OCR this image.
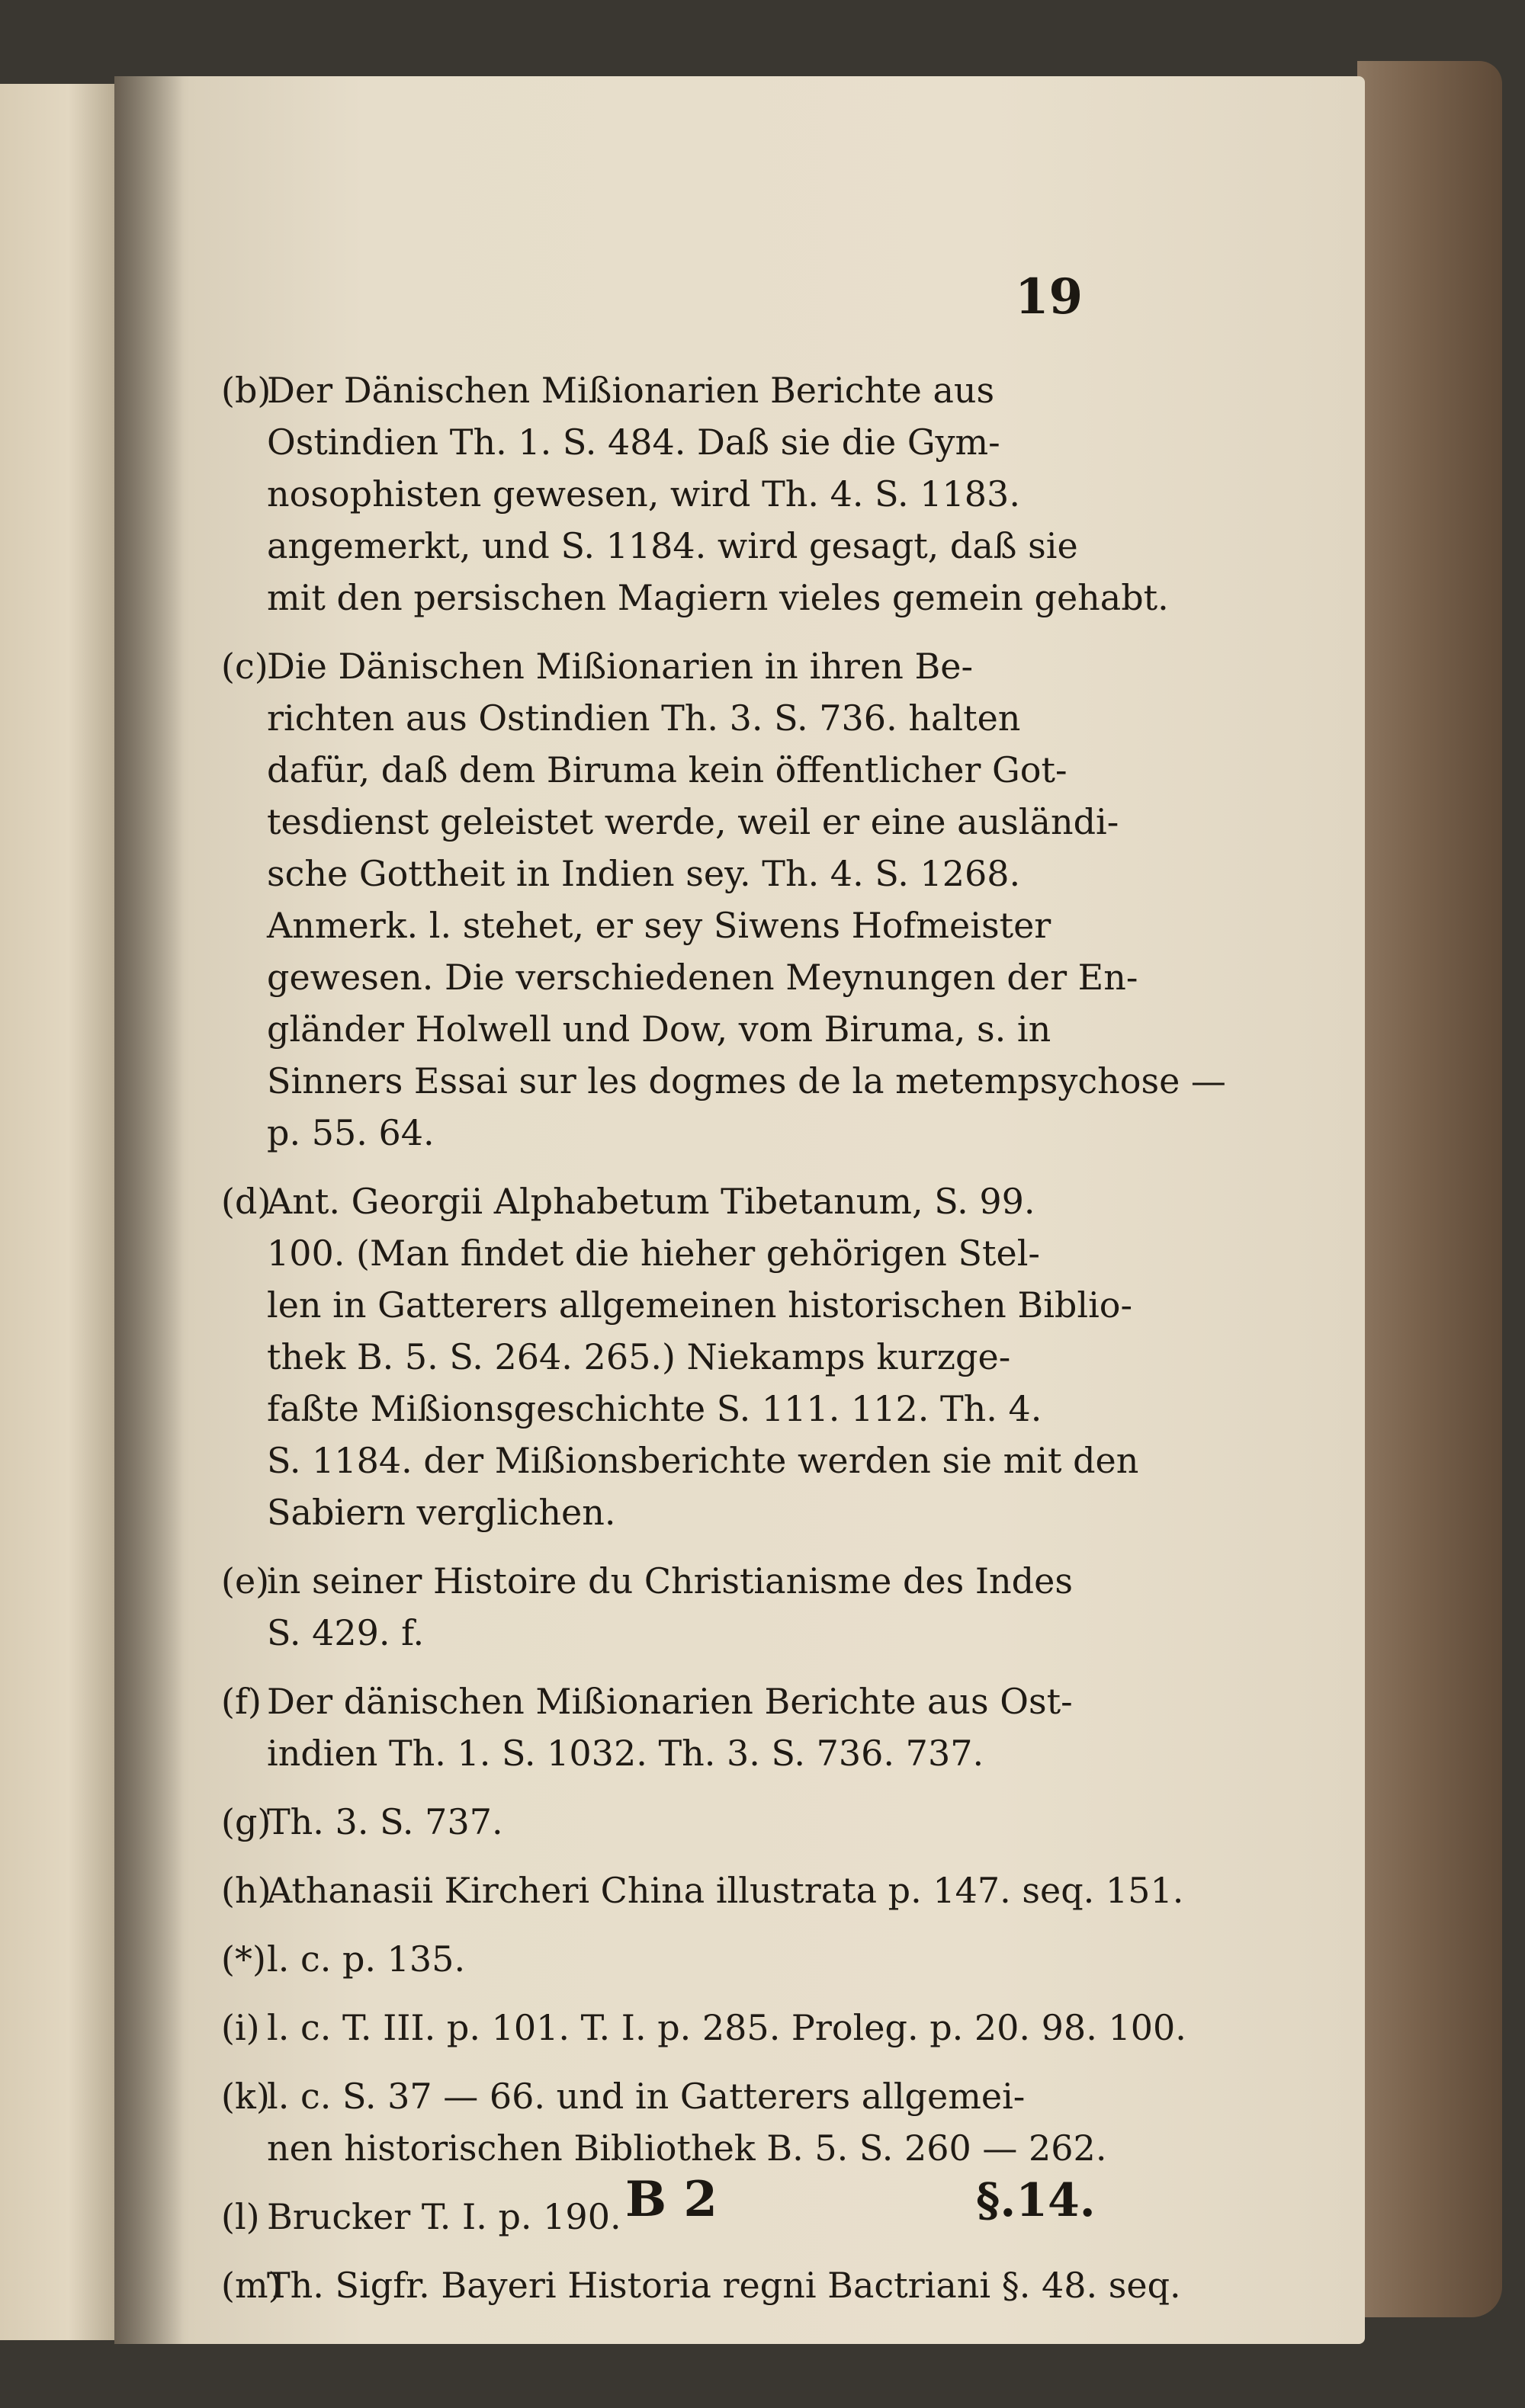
19
(b)
Der Dänischen Mißionarien Berichte aus
Ostindien Th. 1. S. 484. Daß sie die Gym-
nosophisten gewesen, wird Th. 4. S. 1183.
angemerkt, und S. 1184. wird gesagt, daß sie
mit den persischen Magiern vieles gemein gehabt.
(c)
Die Dänischen Mißionarien in ihren Be-
richten aus Ostindien Th. 3. S. 736. halten
dafür, daß dem Biruma kein öffentlicher Got-
tesdienst geleistet werde, weil er eine ausländi-
sche Gottheit in Indien sey. Th. 4. S. 1268.
Anmerk. l. stehet, er sey Siwens Hofmeister
gewesen. Die verschiedenen Meynungen der En-
gländer Holwell und Dow, vom Biruma, s. in
Sinners Essai sur les dogmes de la metempsychose —
p. 55. 64.
(d)
Ant. Georgii Alphabetum Tibetanum, S. 99.
100. (Man findet die hieher gehörigen Stel-
len in Gatterers allgemeinen historischen Biblio-
thek B. 5. S. 264. 265.) Niekamps kurzge-
faßte Mißionsgeschichte S. 111. 112. Th. 4.
S. 1184. der Mißionsberichte werden sie mit den
Sabiern verglichen.
(e)
in seiner Histoire du Christianisme des Indes
S. 429. f.
(f) Der dänischen Mißionarien Berichte aus Ost-
indien Th. 1. S. 1032. Th. 3. S. 736. 737.
(g)
Th. 3. S. 737.
(h)
Athanasii Kircheri China illustrata p. 147. seq. 151.
(*) l. c. p. 135.
(i) l. c. T. III. p. 101. T. I. p. 285. Proleg. p. 20. 98. 100.
(k)
l. c. S. 37 — 66. und in Gatterers allgemei-
nen historischen Bibliothek B. 5. S. 260 — 262.
(l) Brucker T. I. p. 190.
(m)
Th. Sigfr. Bayeri Historia regni Bactriani §. 48. seq.
B 2	§.14.
